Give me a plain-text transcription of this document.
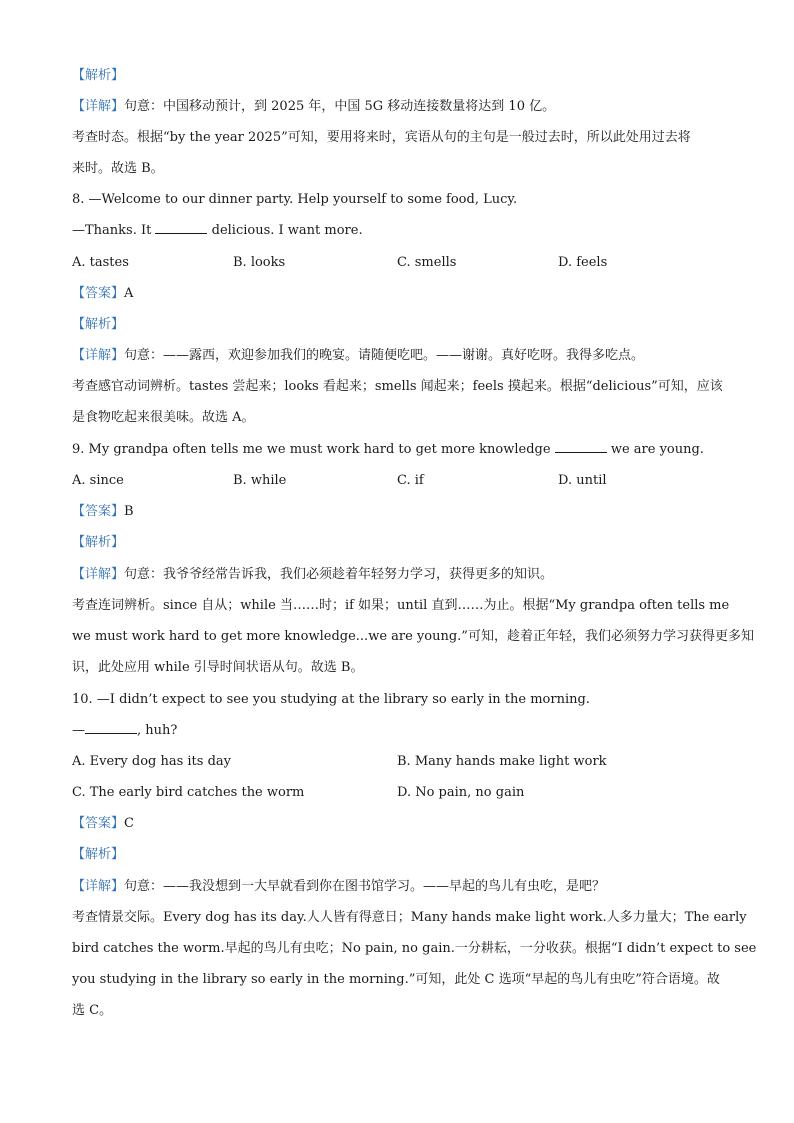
【解析】
【详解】句意：中国移动预计，到 2025 年，中国 5G 移动连接数量将达到 10 亿。
考查时态。根据“by the year 2025”可知，要用将来时，宾语从句的主句是一般过去时，所以此处用过去将
来时。故选 B。
8. —Welcome to our dinner party. Help yourself to some food, Lucy.
—Thanks. It	delicious. I want more.
A. tastes	B. looks	C. smells	D. feels
【答案】A
【解析】
【详解】句意：——露西，欢迎参加我们的晚宴。请随便吃吧。——谢谢。真好吃呀。我得多吃点。
考查感官动词辨析。tastes 尝起来；looks 看起来；smells 闻起来；feels 摸起来。根据“delicious”可知，应该
是食物吃起来很美味。故选 A。
9. My grandpa often tells me we must work hard to get more knowledge	we are young.
A. since	B. while	C. if	D. until
【答案】B
【解析】
【详解】句意：我爷爷经常告诉我，我们必须趁着年轻努力学习，获得更多的知识。
考查连词辨析。since 自从；while 当……时；if 如果；until 直到……为止。根据“My grandpa often tells me
we must work hard to get more knowledge...we are young.”可知，趁着正年轻，我们必须努力学习获得更多知
识，此处应用 while 引导时间状语从句。故选 B。
10. —I didn’t expect to see you studying at the library so early in the morning.
—	, huh?
A. Every dog has its day	B. Many hands make light work
C. The early bird catches the worm	D. No pain, no gain
【答案】C
【解析】
【详解】句意：——我没想到一大早就看到你在图书馆学习。——早起的鸟儿有虫吃，是吧？
考查情景交际。Every dog has its day.人人皆有得意日；Many hands make light work.人多力量大；The early
bird catches the worm.早起的鸟儿有虫吃；No pain, no gain.一分耕耘，一分收获。根据“I didn’t expect to see
you studying in the library so early in the morning.”可知，此处 C 选项“早起的鸟儿有虫吃”符合语境。故
选 C。
